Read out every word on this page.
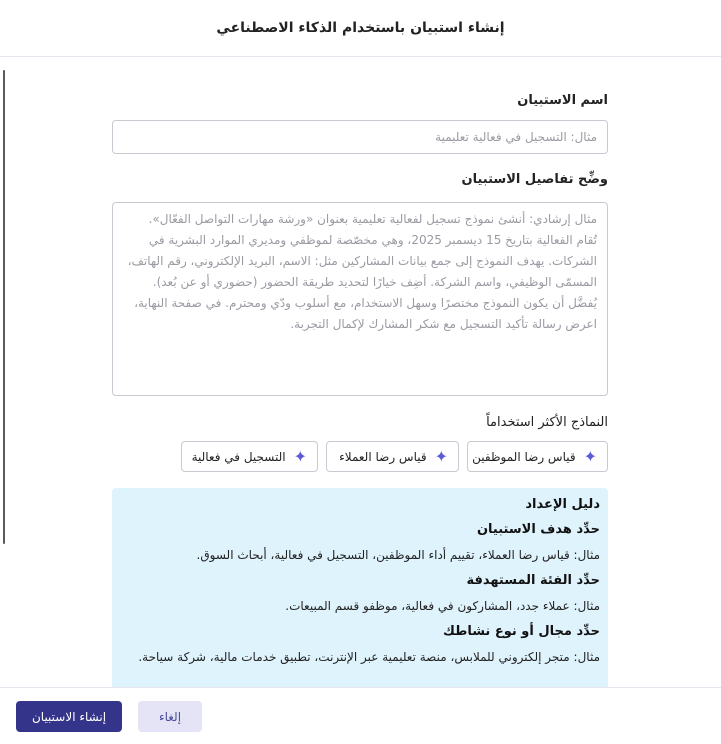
إنشاء استبيان باستخدام الذكاء الاصطناعي
اسم الاستبيان
مثال: التسجيل في فعالية تعليمية
وضِّح تفاصيل الاستبيان
مثال إرشادي: أنشئ نموذج تسجيل لفعالية تعليمية بعنوان «ورشة مهارات التواصل الفعّال». تُقام الفعالية بتاريخ 15 ديسمبر 2025، وهي مخصّصة لموظفي ومديري الموارد البشرية في الشركات. يهدف النموذج إلى جمع بيانات المشاركين مثل: الاسم، البريد الإلكتروني، رقم الهاتف، المسمّى الوظيفي، واسم الشركة. أضِف خيارًا لتحديد طريقة الحضور (حضوري أو عن بُعد). يُفضَّل أن يكون النموذج مختصرًا وسهل الاستخدام، مع أسلوب ودّي ومحترم. في صفحة النهاية، اعرض رسالة تأكيد التسجيل مع شكر المشارك لإكمال التجربة.
النماذج الأكثر استخداماً
✦
قياس رضا الموظفين
✦
قياس رضا العملاء
✦
التسجيل في فعالية
دليل الإعداد
حدِّد هدف الاستبيان
مثال: قياس رضا العملاء، تقييم أداء الموظفين، التسجيل في فعالية، أبحاث السوق.
حدِّد الفئة المستهدفة
مثال: عملاء جدد، المشاركون في فعالية، موظفو قسم المبيعات.
حدِّد مجال أو نوع نشاطك
مثال: متجر إلكتروني للملابس، منصة تعليمية عبر الإنترنت، تطبيق خدمات مالية، شركة سياحة.
إنشاء الاستبيان	إلغاء
